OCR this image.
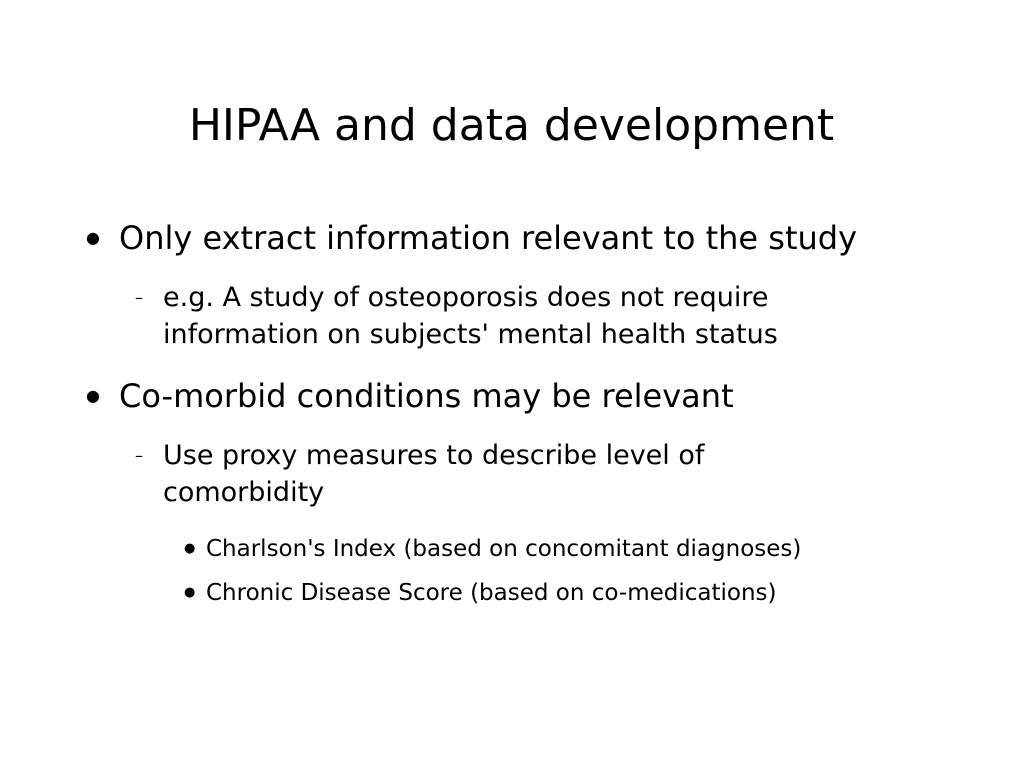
HIPAA and data development
● Only extract information relevant to the study
– e.g. A study of osteoporosis does not require
information on subjects' mental health status
● Co-morbid conditions may be relevant
– Use proxy measures to describe level of
comorbidity
● Charlson's Index (based on concomitant diagnoses)
● Chronic Disease Score (based on co-medications)
